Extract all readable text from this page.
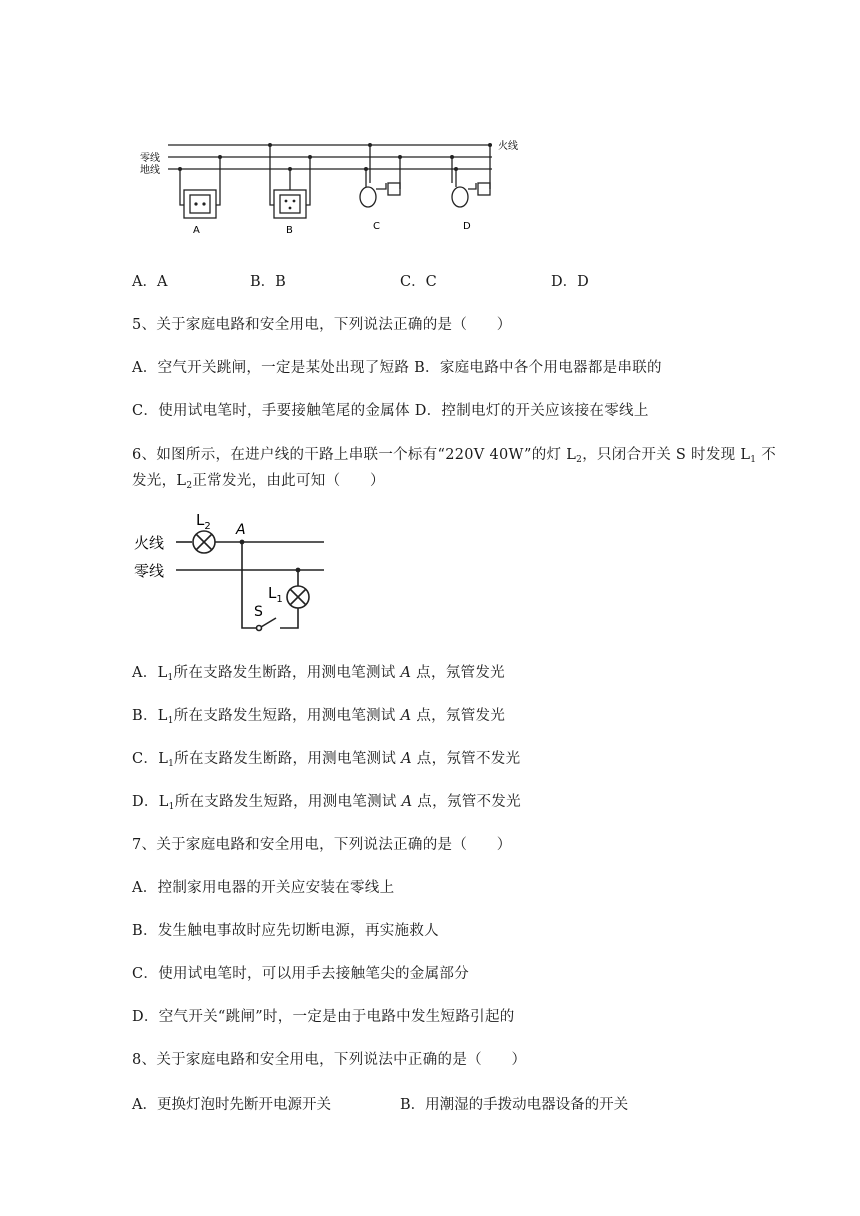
火线
零线
地线
A	B	C	D
A．A	B．B	C．C	D．D
5、关于家庭电路和安全用电，下列说法正确的是（　　）
A．空气开关跳闸，一定是某处出现了短路 B．家庭电路中各个用电器都是串联的
C．使用试电笔时，手要接触笔尾的金属体 D．控制电灯的开关应该接在零线上
6、如图所示，在进户线的干路上串联一个标有“220V 40W”的灯 $L_2$，只闭合开关 S 时发现 $L_1$ 不
发光，$L_2$正常发光，由此可知（　　）
火线
零线
$L_2$ A
$L_1$
S
A．$L_1$所在支路发生断路，用测电笔测试 A 点，氖管发光
B．$L_1$所在支路发生短路，用测电笔测试 A 点，氖管发光
C．$L_1$所在支路发生断路，用测电笔测试 A 点，氖管不发光
D．$L_1$所在支路发生短路，用测电笔测试 A 点，氖管不发光
7、关于家庭电路和安全用电，下列说法正确的是（　　）
A．控制家用电器的开关应安装在零线上
B．发生触电事故时应先切断电源，再实施救人
C．使用试电笔时，可以用手去接触笔尖的金属部分
D．空气开关“跳闸”时，一定是由于电路中发生短路引起的
8、关于家庭电路和安全用电，下列说法中正确的是（　　）
A．更换灯泡时先断开电源开关	B．用潮湿的手拨动电器设备的开关
